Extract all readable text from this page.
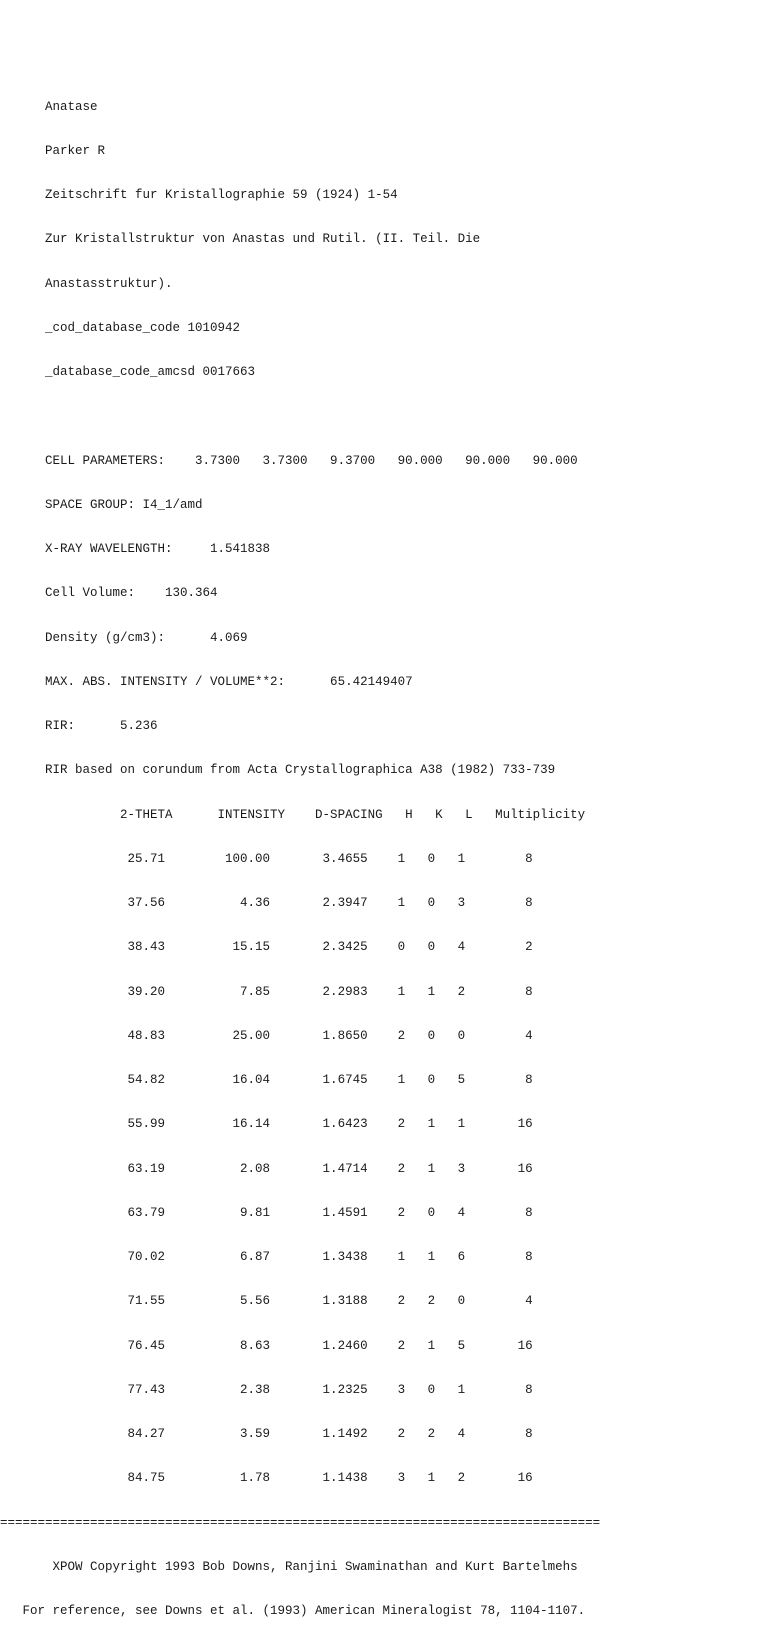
Anatase

Parker R

Zeitschrift fur Kristallographie 59 (1924) 1-54

Zur Kristallstruktur von Anastas und Rutil. (II. Teil. Die

Anastasstruktur).

_cod_database_code 1010942

_database_code_amcsd 0017663

CELL PARAMETERS:    3.7300   3.7300   9.3700   90.000   90.000   90.000

SPACE GROUP: I4_1/amd

X-RAY WAVELENGTH:     1.541838

Cell Volume:    130.364

Density (g/cm3):      4.069

MAX. ABS. INTENSITY / VOLUME**2:      65.42149407

RIR:      5.236

RIR based on corundum from Acta Crystallographica A38 (1982) 733-739

2-THETA      INTENSITY    D-SPACING   H   K   L   Multiplicity

25.71        100.00       3.4655    1   0   1        8

37.56          4.36       2.3947    1   0   3        8

38.43         15.15       2.3425    0   0   4        2

39.20          7.85       2.2983    1   1   2        8

48.83         25.00       1.8650    2   0   0        4

54.82         16.04       1.6745    1   0   5        8

55.99         16.14       1.6423    2   1   1       16

63.19          2.08       1.4714    2   1   3       16

63.79          9.81       1.4591    2   0   4        8

70.02          6.87       1.3438    1   1   6        8

71.55          5.56       1.3188    2   2   0        4

76.45          8.63       1.2460    2   1   5       16

77.43          2.38       1.2325    3   0   1        8

84.27          3.59       1.1492    2   2   4        8

84.75          1.78       1.1438    3   1   2       16

================================================================================

XPOW Copyright 1993 Bob Downs, Ranjini Swaminathan and Kurt Bartelmehs

For reference, see Downs et al. (1993) American Mineralogist 78, 1104-1107.
